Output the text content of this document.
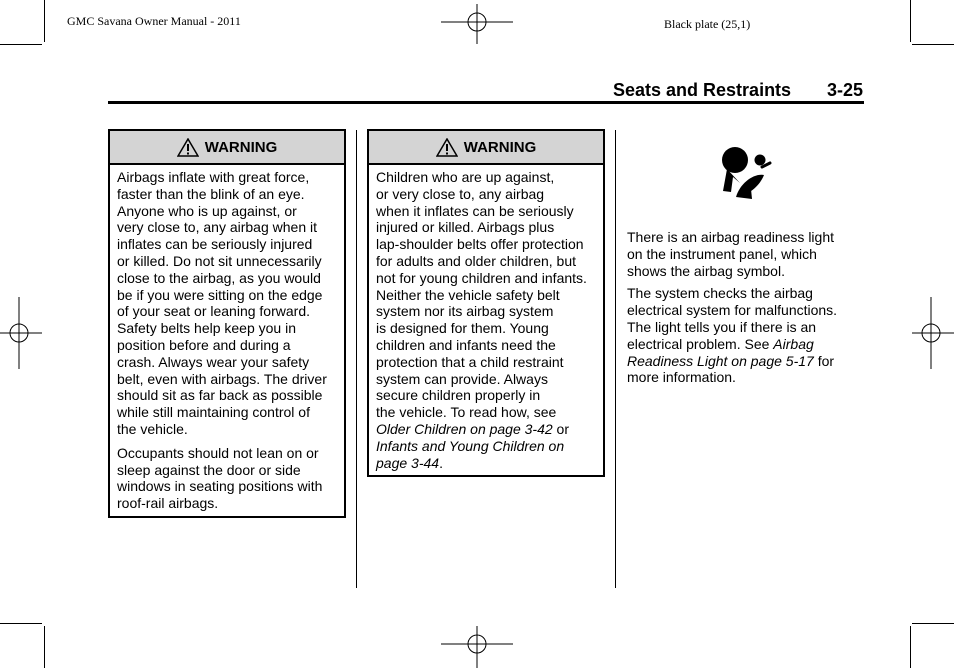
GMC Savana Owner Manual - 2011	Black plate (25,1)
Seats and Restraints 3-25
WARNING

Airbags inflate with great force,
faster than the blink of an eye.
Anyone who is up against, or
very close to, any airbag when it
inflates can be seriously injured
or killed. Do not sit unnecessarily
close to the airbag, as you would
be if you were sitting on the edge
of your seat or leaning forward.
Safety belts help keep you in
position before and during a
crash. Always wear your safety
belt, even with airbags. The driver
should sit as far back as possible
while still maintaining control of
the vehicle.

Occupants should not lean on or
sleep against the door or side
windows in seating positions with
roof-rail airbags.

WARNING

Children who are up against,
or very close to, any airbag
when it inflates can be seriously
injured or killed. Airbags plus
lap-shoulder belts offer protection
for adults and older children, but
not for young children and infants.
Neither the vehicle safety belt
system nor its airbag system
is designed for them. Young
children and infants need the
protection that a child restraint
system can provide. Always
secure children properly in
the vehicle. To read how, see
Older Children on page 3-42 or
Infants and Young Children on
page 3-44.

There is an airbag readiness light
on the instrument panel, which
shows the airbag symbol.

The system checks the airbag
electrical system for malfunctions.
The light tells you if there is an
electrical problem. See Airbag
Readiness Light on page 5-17 for
more information.
